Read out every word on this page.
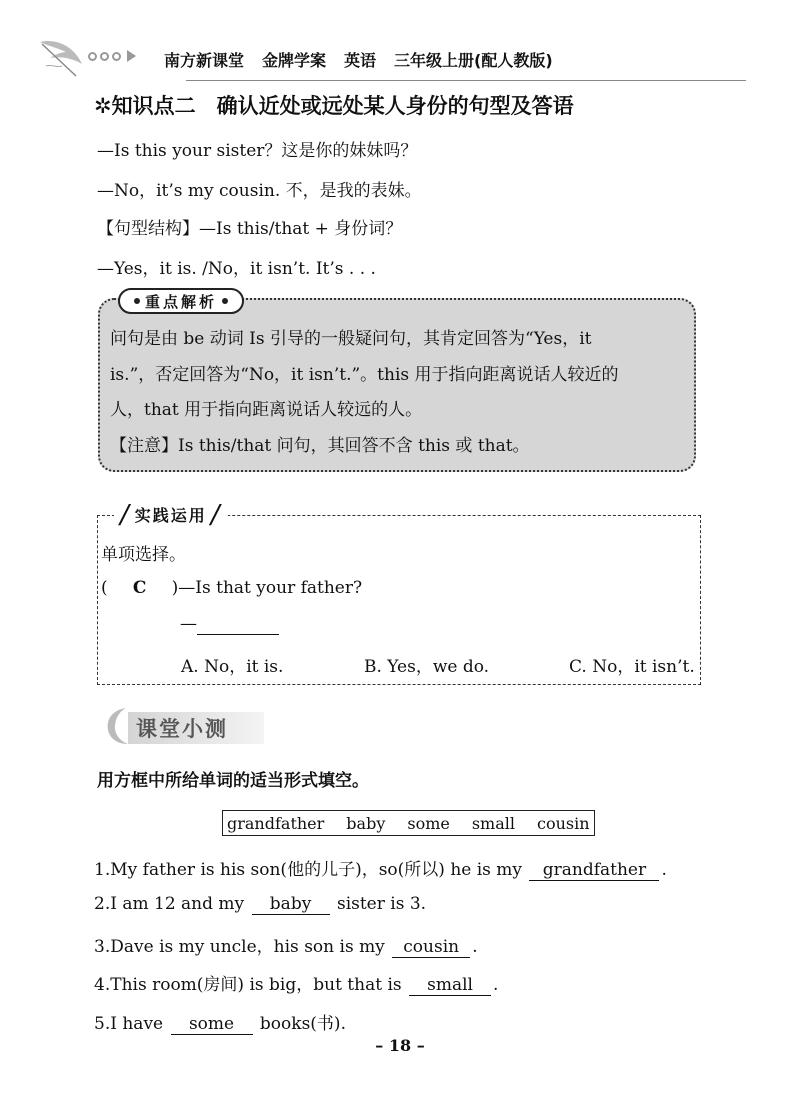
南方新课堂 金牌学案 英语 三年级上册(配人教版)
✲知识点二　确认近处或远处某人身份的句型及答语
—Is this your sister？这是你的妹妹吗？
—No，it’s my cousin. 不，是我的表妹。
【句型结构】—Is this/that + 身份词？
—Yes，it is. /No，it isn’t. It’s . . .
重点解析
问句是由 be 动词 Is 引导的一般疑问句，其肯定回答为“Yes，it
is.”，否定回答为“No，it isn’t.”。this 用于指向距离说话人较近的
人，that 用于指向距离说话人较远的人。
【注意】Is this/that 问句，其回答不含 this 或 that。
/ 实践运用 /
单项选择。
( C )—Is that your father?
—
A. No，it is.	B. Yes，we do.	C. No，it isn’t.
课堂小测
用方框中所给单词的适当形式填空。
grandfather baby some small cousin
1.My father is his son(他的儿子)，so(所以) he is my grandfather .
2.I am 12 and my baby sister is 3.
3.Dave is my uncle，his son is my cousin .
4.This room(房间) is big，but that is small .
5.I have some books(书).
– 18 –
